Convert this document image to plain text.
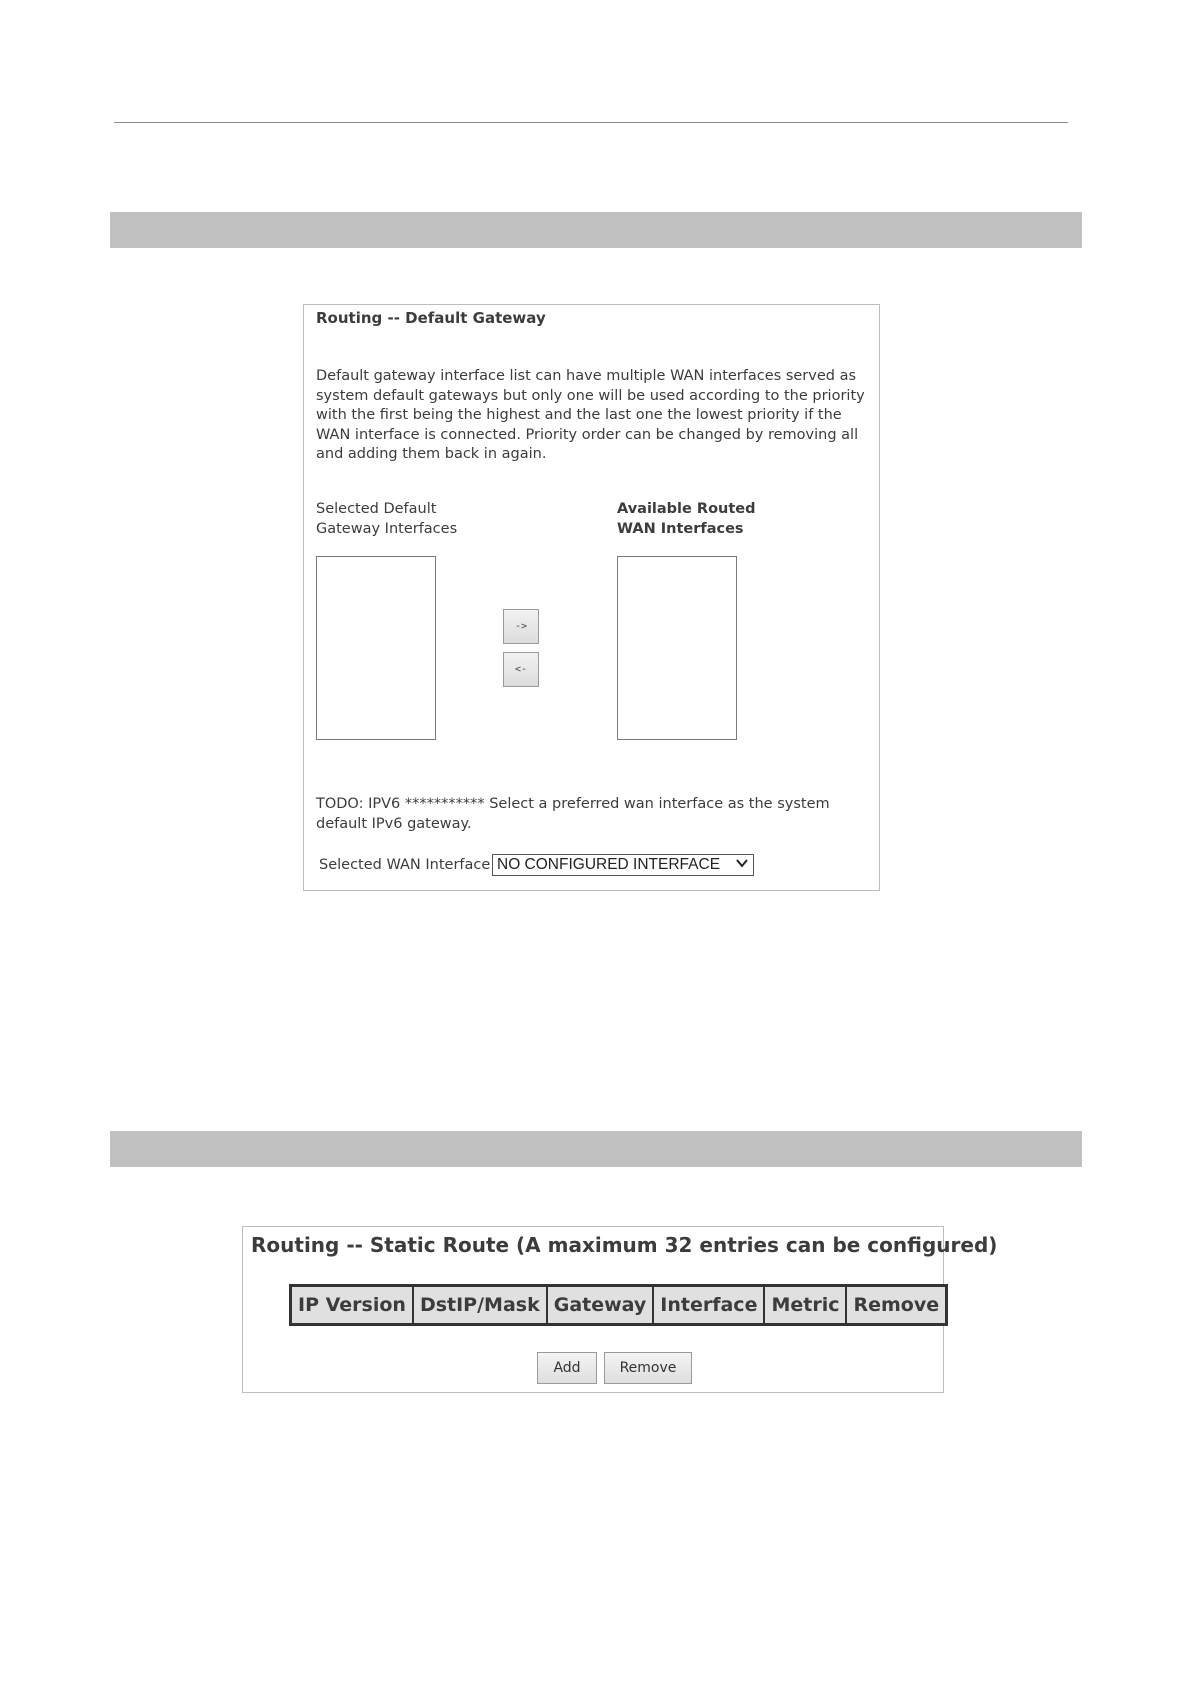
Routing -- Default Gateway
Default gateway interface list can have multiple WAN interfaces served as system default gateways but only one will be used according to the priority with the first being the highest and the last one the lowest priority if the WAN interface is connected. Priority order can be changed by removing all and adding them back in again.
Selected Default Gateway Interfaces
Available Routed WAN Interfaces
->
<-
TODO: IPV6 *********** Select a preferred wan interface as the system default IPv6 gateway.
Selected WAN Interface NO CONFIGURED INTERFACE
Routing -- Static Route (A maximum 32 entries can be configured)
IP Version	DstIP/Mask	Gateway	Interface	Metric	Remove
Add	Remove
